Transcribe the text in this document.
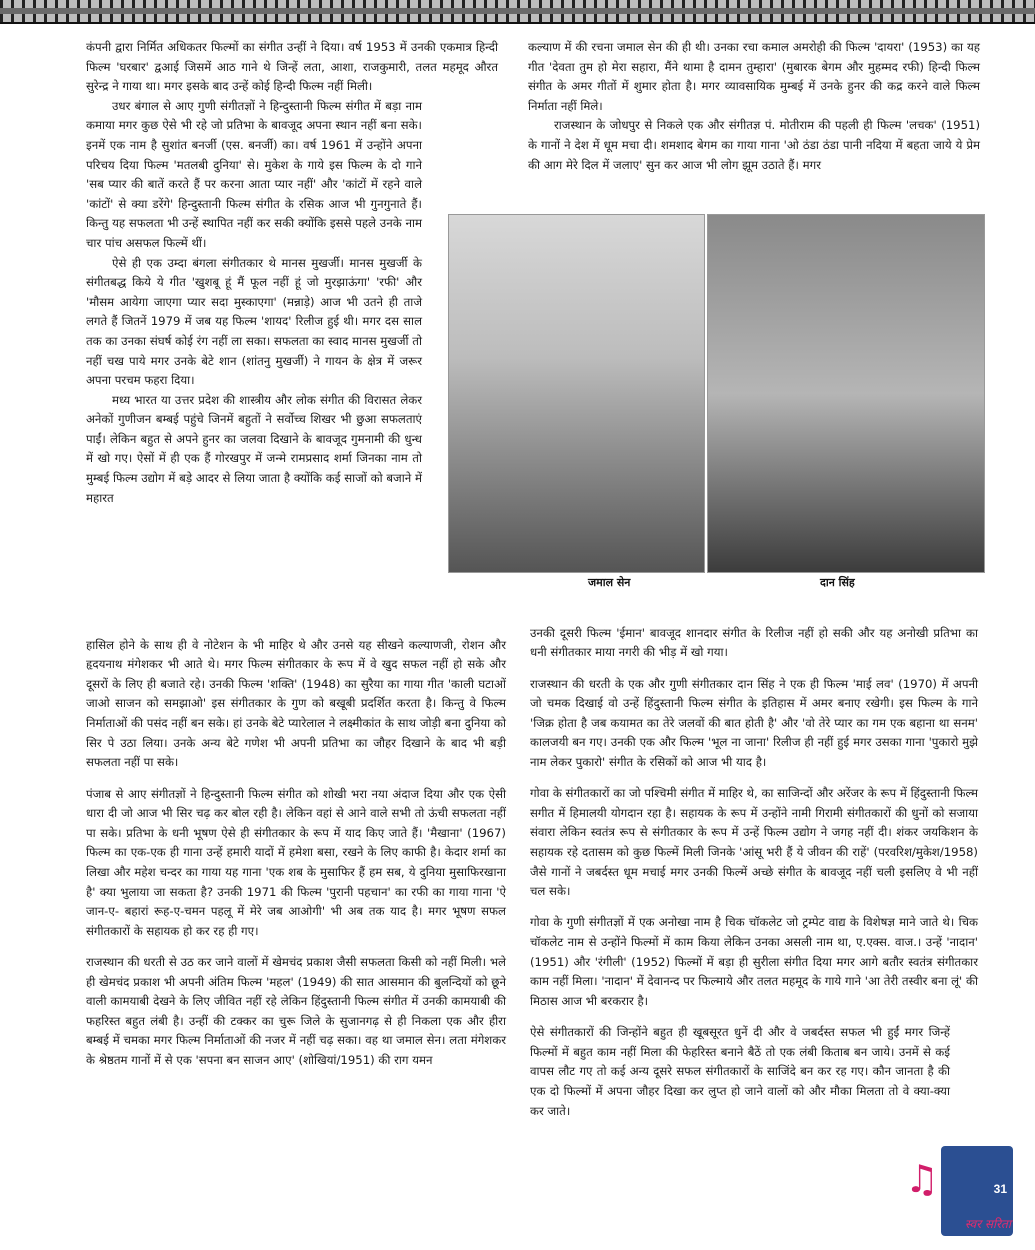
कंपनी द्वारा निर्मित अधिकतर फिल्मों का संगीत उन्हीं ने दिया। वर्ष 1953 में उनकी एकमात्र हिन्दी फिल्म 'घरबार' द्वआई जिसमें आठ गाने थे जिन्हें लता, आशा, राजकुमारी, तलत महमूद औरत सुरेन्द्र ने गाया था। मगर इसके बाद उन्हें कोई हिन्दी फिल्म नहीं मिली।

उधर बंगाल से आए गुणी संगीतज्ञों ने हिन्दुस्तानी फिल्म संगीत में बड़ा नाम कमाया मगर कुछ ऐसे भी रहे जो प्रतिभा के बावजूद अपना स्थान नहीं बना सके। इनमें एक नाम है सुशांत बनर्जी (एस. बनर्जी) का। वर्ष 1961 में उन्होंने अपना परिचय दिया फिल्म 'मतलबी दुनिया' से। मुकेश के गाये इस फिल्म के दो गाने 'सब प्यार की बातें करते हैं पर करना आता प्यार नहीं' और 'कांटों में रहने वाले 'कांटों' से क्या डरेंगे' हिन्दुस्तानी फिल्म संगीत के रसिक आज भी गुनगुनाते हैं। किन्तु यह सफलता भी उन्हें स्थापित नहीं कर सकी क्योंकि इससे पहले उनके नाम चार पांच असफल फिल्में थीं।

ऐसे ही एक उम्दा बंगला संगीतकार थे मानस मुखर्जी। मानस मुखर्जी के संगीतबद्ध किये ये गीत 'खुशबू हूं मैं फूल नहीं हूं जो मुरझाऊंगा' 'रफी' और 'मौसम आयेगा जाएगा प्यार सदा मुस्काएगा' (मन्नाड़े) आज भी उतने ही ताजे लगते हैं जितनें 1979 में जब यह फिल्म 'शायद' रिलीज हुई थी। मगर दस साल तक का उनका संघर्ष कोई रंग नहीं ला सका। सफलता का स्वाद मानस मुखर्जी तो नहीं चख पाये मगर उनके बेटे शान (शांतनु मुखर्जी) ने गायन के क्षेत्र में जरूर अपना परचम फहरा दिया।

मध्य भारत या उत्तर प्रदेश की शास्त्रीय और लोक संगीत की विरासत लेकर अनेकों गुणीजन बम्बई पहुंचे जिनमें बहुतों ने सर्वोच्च शिखर भी छुआ सफलताएं पाईं। लेकिन बहुत से अपने हुनर का जलवा दिखाने के बावजूद गुमनामी की धुन्ध में खो गए। ऐसों में ही एक हैं गोरखपुर में जन्मे रामप्रसाद शर्मा जिनका नाम तो मुम्बई फिल्म उद्योग में बड़े आदर से लिया जाता है क्योंकि कई साजों को बजाने में महारत

कल्याण में की रचना जमाल सेन की ही थी। उनका रचा कमाल अमरोही की फिल्म 'दायरा' (1953) का यह गीत 'देवता तुम हो मेरा सहारा, मैंने थामा है दामन तुम्हारा' (मुबारक बेगम और मुहम्मद रफी) हिन्दी फिल्म संगीत के अमर गीतों में शुमार होता है। मगर व्यावसायिक मुम्बई में उनके हुनर की कद्र करने वाले फिल्म निर्माता नहीं मिले।

राजस्थान के जोधपुर से निकले एक और संगीतज्ञ पं. मोतीराम की पहली ही फिल्म 'लचक' (1951) के गानों ने देश में धूम मचा दी। शमशाद बेगम का गाया गाना 'ओ ठंडा ठंडा पानी नदिया में बहता जाये ये प्रेम की आग मेरे दिल में जलाए' सुन कर आज भी लोग झूम उठाते हैं। मगर

जमाल सेन	दान सिंह

हासिल होने के साथ ही वे नोटेशन के भी माहिर थे और उनसे यह सीखने कल्याणजी, रोशन और हृदयनाथ मंगेशकर भी आते थे। मगर फिल्म संगीतकार के रूप में वे खुद सफल नहीं हो सके और दूसरों के लिए ही बजाते रहे। उनकी फिल्म 'शक्ति' (1948) का सुरैया का गाया गीत 'काली घटाओं जाओ साजन को समझाओ' इस संगीतकार के गुण को बखूबी प्रदर्शित करता है। किन्तु वे फिल्म निर्माताओं की पसंद नहीं बन सके। हां उनके बेटे प्यारेलाल ने लक्ष्मीकांत के साथ जोड़ी बना दुनिया को सिर पे उठा लिया। उनके अन्य बेटे गणेश भी अपनी प्रतिभा का जौहर दिखाने के बाद भी बड़ी सफलता नहीं पा सके।

पंजाब से आए संगीतज्ञों ने हिन्दुस्तानी फिल्म संगीत को शोखी भरा नया अंदाज दिया और एक ऐसी धारा दी जो आज भी सिर चढ़ कर बोल रही है। लेकिन वहां से आने वाले सभी तो ऊंची सफलता नहीं पा सके। प्रतिभा के धनी भूषण ऐसे ही संगीतकार के रूप में याद किए जाते हैं। 'मैखाना' (1967) फिल्म का एक-एक ही गाना उन्हें हमारी यादों में हमेशा बसा, रखने के लिए काफी है। केदार शर्मा का लिखा और महेश चन्दर का गाया यह गाना 'एक शब के मुसाफिर हैं हम सब, ये दुनिया मुसाफिरखाना है' क्या भुलाया जा सकता है? उनकी 1971 की फिल्म 'पुरानी पहचान' का रफी का गाया गाना 'ऐ जान-ए- बहारां रूह-ए-चमन पहलू में मेरे जब आओगी' भी अब तक याद है। मगर भूषण सफल संगीतकारों के सहायक हो कर रह ही गए।

राजस्थान की धरती से उठ कर जाने वालों में खेमचंद प्रकाश जैसी सफलता किसी को नहीं मिली। भले ही खेमचंद प्रकाश भी अपनी अंतिम फिल्म 'महल' (1949) की सात आसमान की बुलन्दियों को छूने वाली कामयाबी देखने के लिए जीवित नहीं रहे लेकिन हिंदुस्तानी फिल्म संगीत में उनकी कामयाबी की फहरिस्त बहुत लंबी है। उन्हीं की टक्कर का चुरू जिले के सुजानगढ़ से ही निकला एक और हीरा बम्बई में चमका मगर फिल्म निर्माताओं की नजर में नहीं चढ़ सका। वह था जमाल सेन। लता मंगेशकर के श्रेष्ठतम गानों में से एक 'सपना बन साजन आए' (शोखियां/1951) की राग यमन

उनकी दूसरी फिल्म 'ईमान' बावजूद शानदार संगीत के रिलीज नहीं हो सकी और यह अनोखी प्रतिभा का धनी संगीतकार माया नगरी की भीड़ में खो गया।

राजस्थान की धरती के एक और गुणी संगीतकार दान सिंह ने एक ही फिल्म 'माई लव' (1970) में अपनी जो चमक दिखाई वो उन्हें हिंदुस्तानी फिल्म संगीत के इतिहास में अमर बनाए रखेगी। इस फिल्म के गाने 'जिक्र होता है जब कयामत का तेरे जलवों की बात होती है' और 'वो तेरे प्यार का गम एक बहाना था सनम' कालजयी बन गए। उनकी एक और फिल्म 'भूल ना जाना' रिलीज ही नहीं हुई मगर उसका गाना 'पुकारो मुझे नाम लेकर पुकारो' संगीत के रसिकों को आज भी याद है।

गोवा के संगीतकारों का जो पश्चिमी संगीत में माहिर थे, का साजिन्दों और अरेंजर के रूप में हिंदुस्तानी फिल्म सगीत में हिमालयी योगदान रहा है। सहायक के रूप में उन्होंने नामी गिरामी संगीतकारों की धुनों को सजाया संवारा लेकिन स्वतंत्र रूप से संगीतकार के रूप में उन्हें फिल्म उद्योग ने जगह नहीं दी। शंकर जयकिशन के सहायक रहे दतासम को कुछ फिल्में मिली जिनके 'आंसू भरी हैं ये जीवन की राहें' (परवरिश/मुकेश/1958) जैसे गानों ने जबर्दस्त धूम मचाई मगर उनकी फिल्में अच्छे संगीत के बावजूद नहीं चली इसलिए वे भी नहीं चल सके।

गोवा के गुणी संगीतज्ञों में एक अनोखा नाम है चिक चॉकलेट जो ट्रम्पेट वाद्य के विशेषज्ञ माने जाते थे। चिक चॉकलेट नाम से उन्होंने फिल्मों में काम किया लेकिन उनका असली नाम था, ए.एक्स. वाज.। उन्हें 'नादान' (1951) और 'रंगीली' (1952) फिल्मों में बड़ा ही सुरीला संगीत दिया मगर आगे बतौर स्वतंत्र संगीतकार काम नहीं मिला। 'नादान' में देवानन्द पर फिल्माये और तलत महमूद के गाये गाने 'आ तेरी तस्वीर बना लूं' की मिठास आज भी बरकरार है।

ऐसे संगीतकारों की जिन्होंने बहुत ही खूबसूरत धुनें दी और वे जबर्दस्त सफल भी हुईं मगर जिन्हें फिल्मों में बहुत काम नहीं मिला की फेहरिस्त बनाने बैठें तो एक लंबी किताब बन जाये। उनमें से कई वापस लौट गए तो कई अन्य दूसरे सफल संगीतकारों के साजिंदे बन कर रह गए। कौन जानता है की एक दो फिल्मों में अपना जौहर दिखा कर लुप्त हो जाने वालों को और मौका मिलता तो वे क्या-क्या कर जाते।

♫	31
स्वर सरिता
